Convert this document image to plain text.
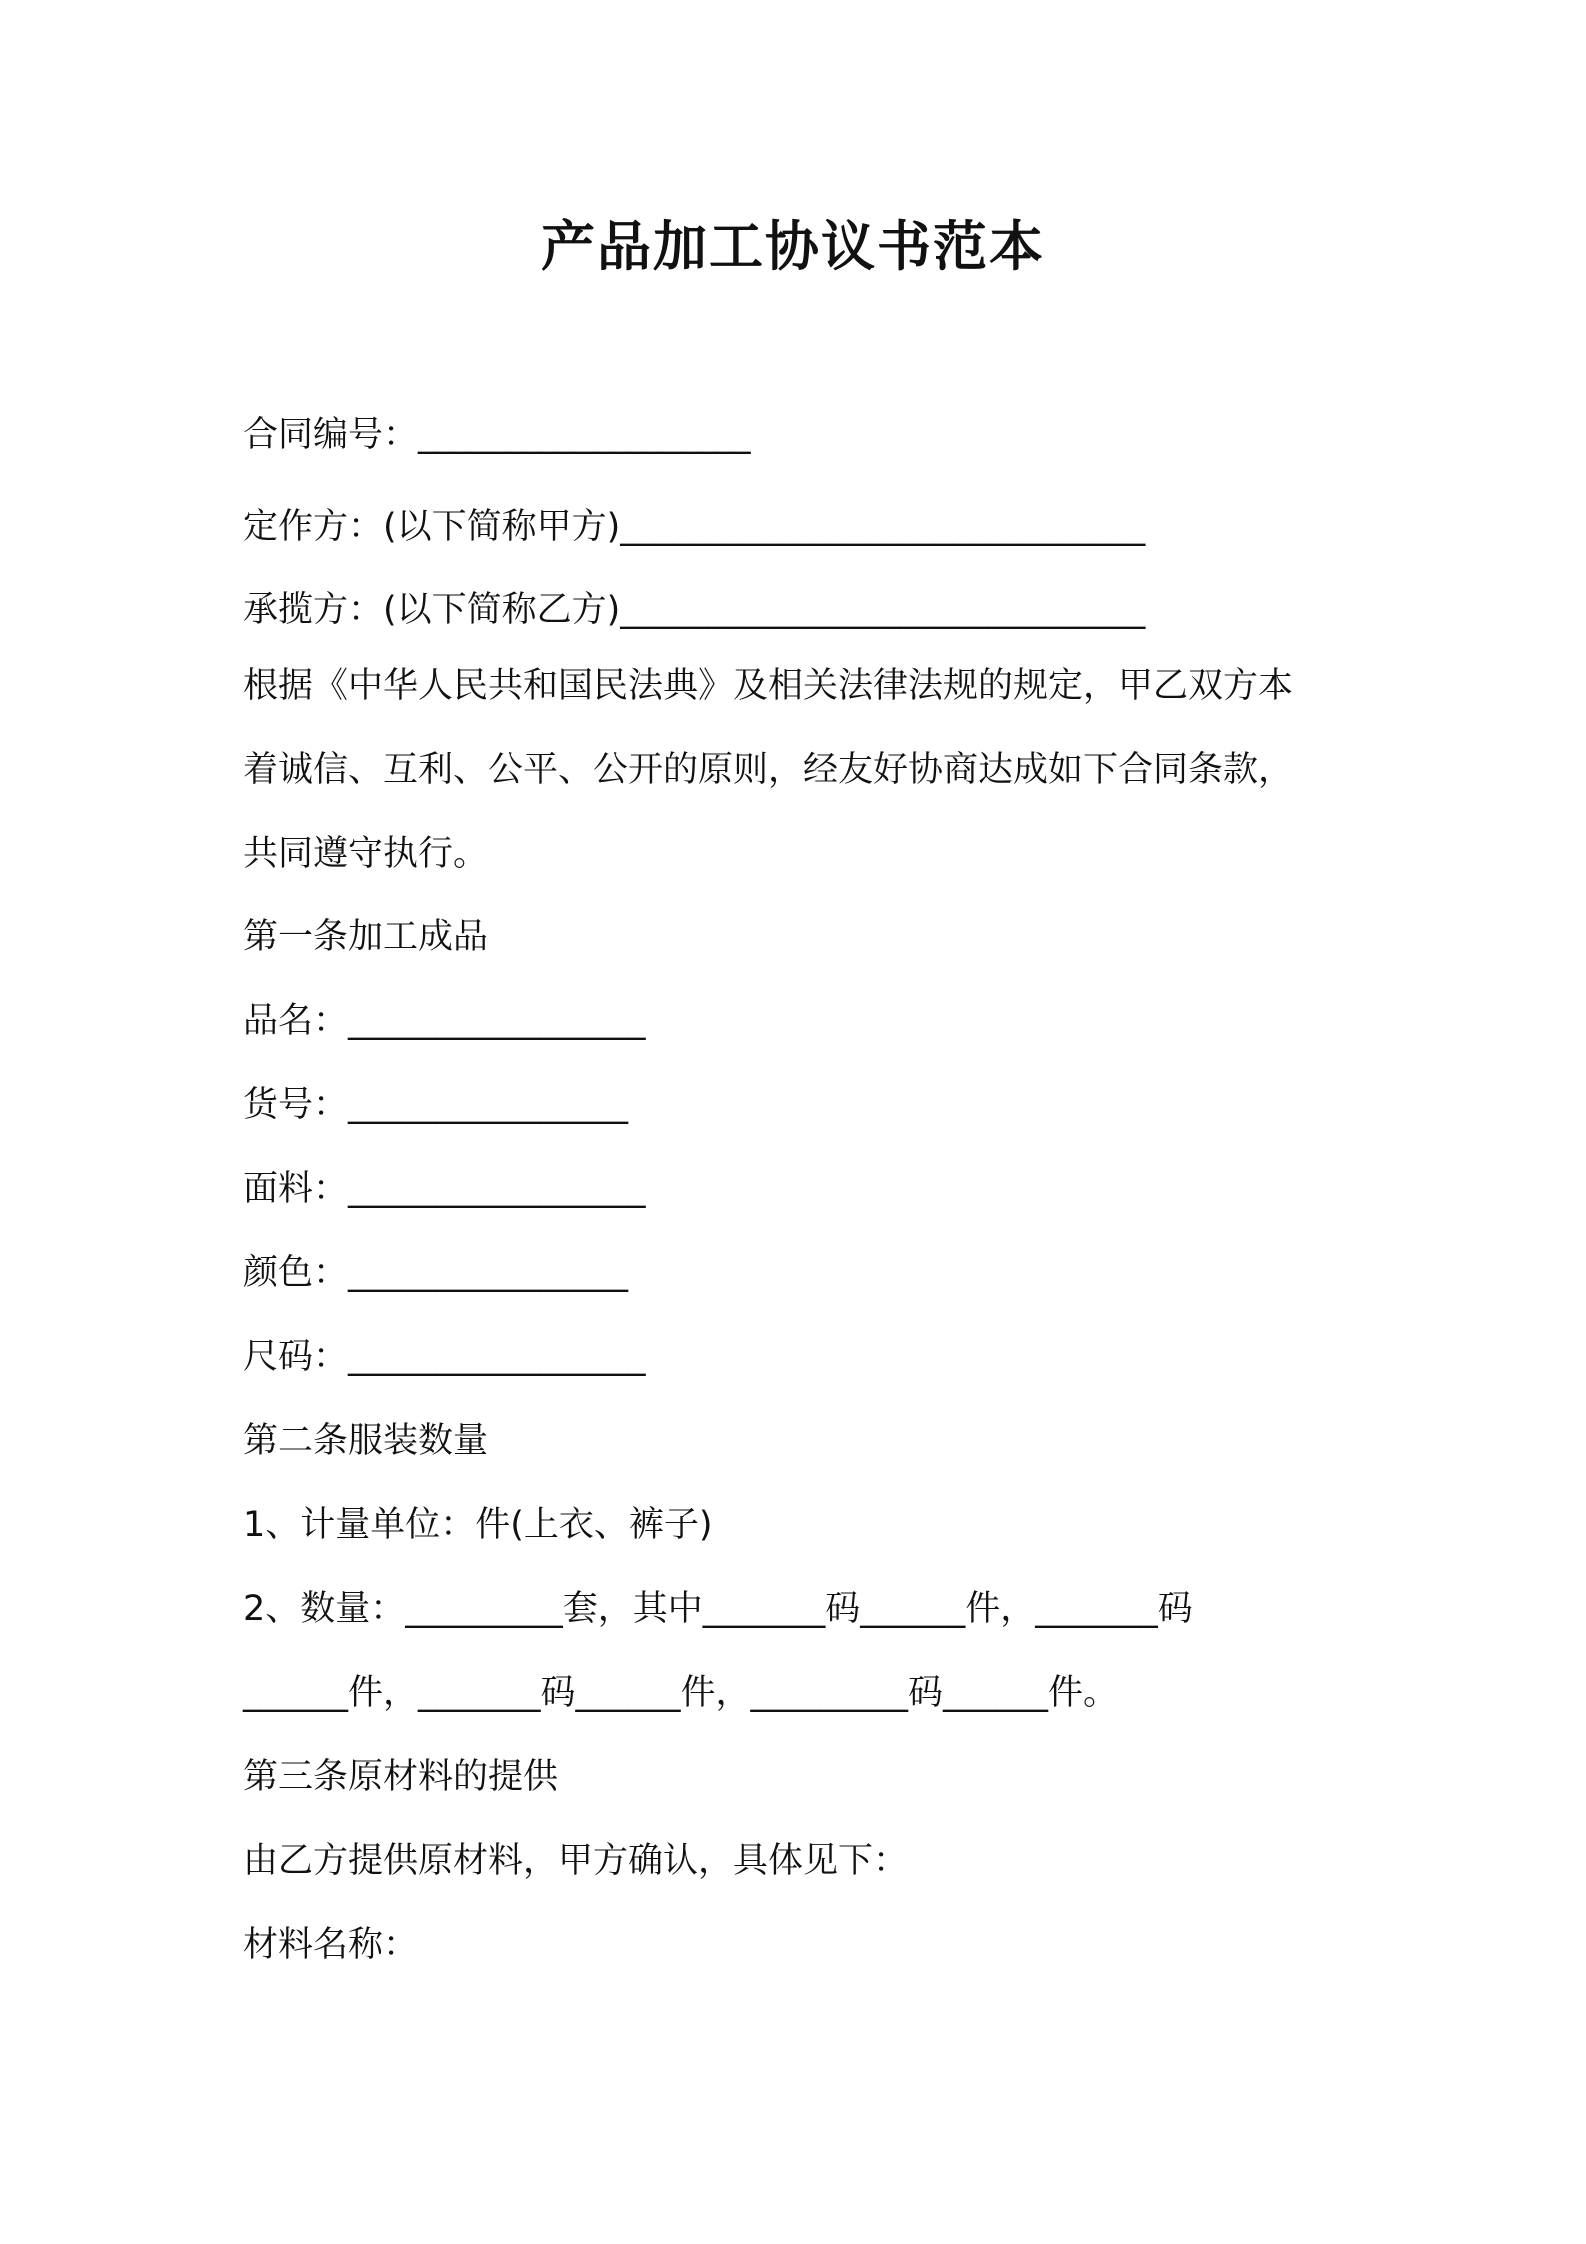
产品加工协议书范本
合同编号：___________________
定作方：(以下简称甲方)______________________________
承揽方：(以下简称乙方)______________________________
根据《中华人民共和国民法典》及相关法律法规的规定，甲乙双方本
着诚信、互利、公平、公开的原则，经友好协商达成如下合同条款，
共同遵守执行。
第一条加工成品
品名：_________________
货号：________________
面料：_________________
颜色：________________
尺码：_________________
第二条服装数量
1、计量单位：件(上衣、裤子)
2、数量：_________套，其中_______码______件，_______码
______件，_______码______件，_________码______件。
第三条原材料的提供
由乙方提供原材料，甲方确认，具体见下：
材料名称：
